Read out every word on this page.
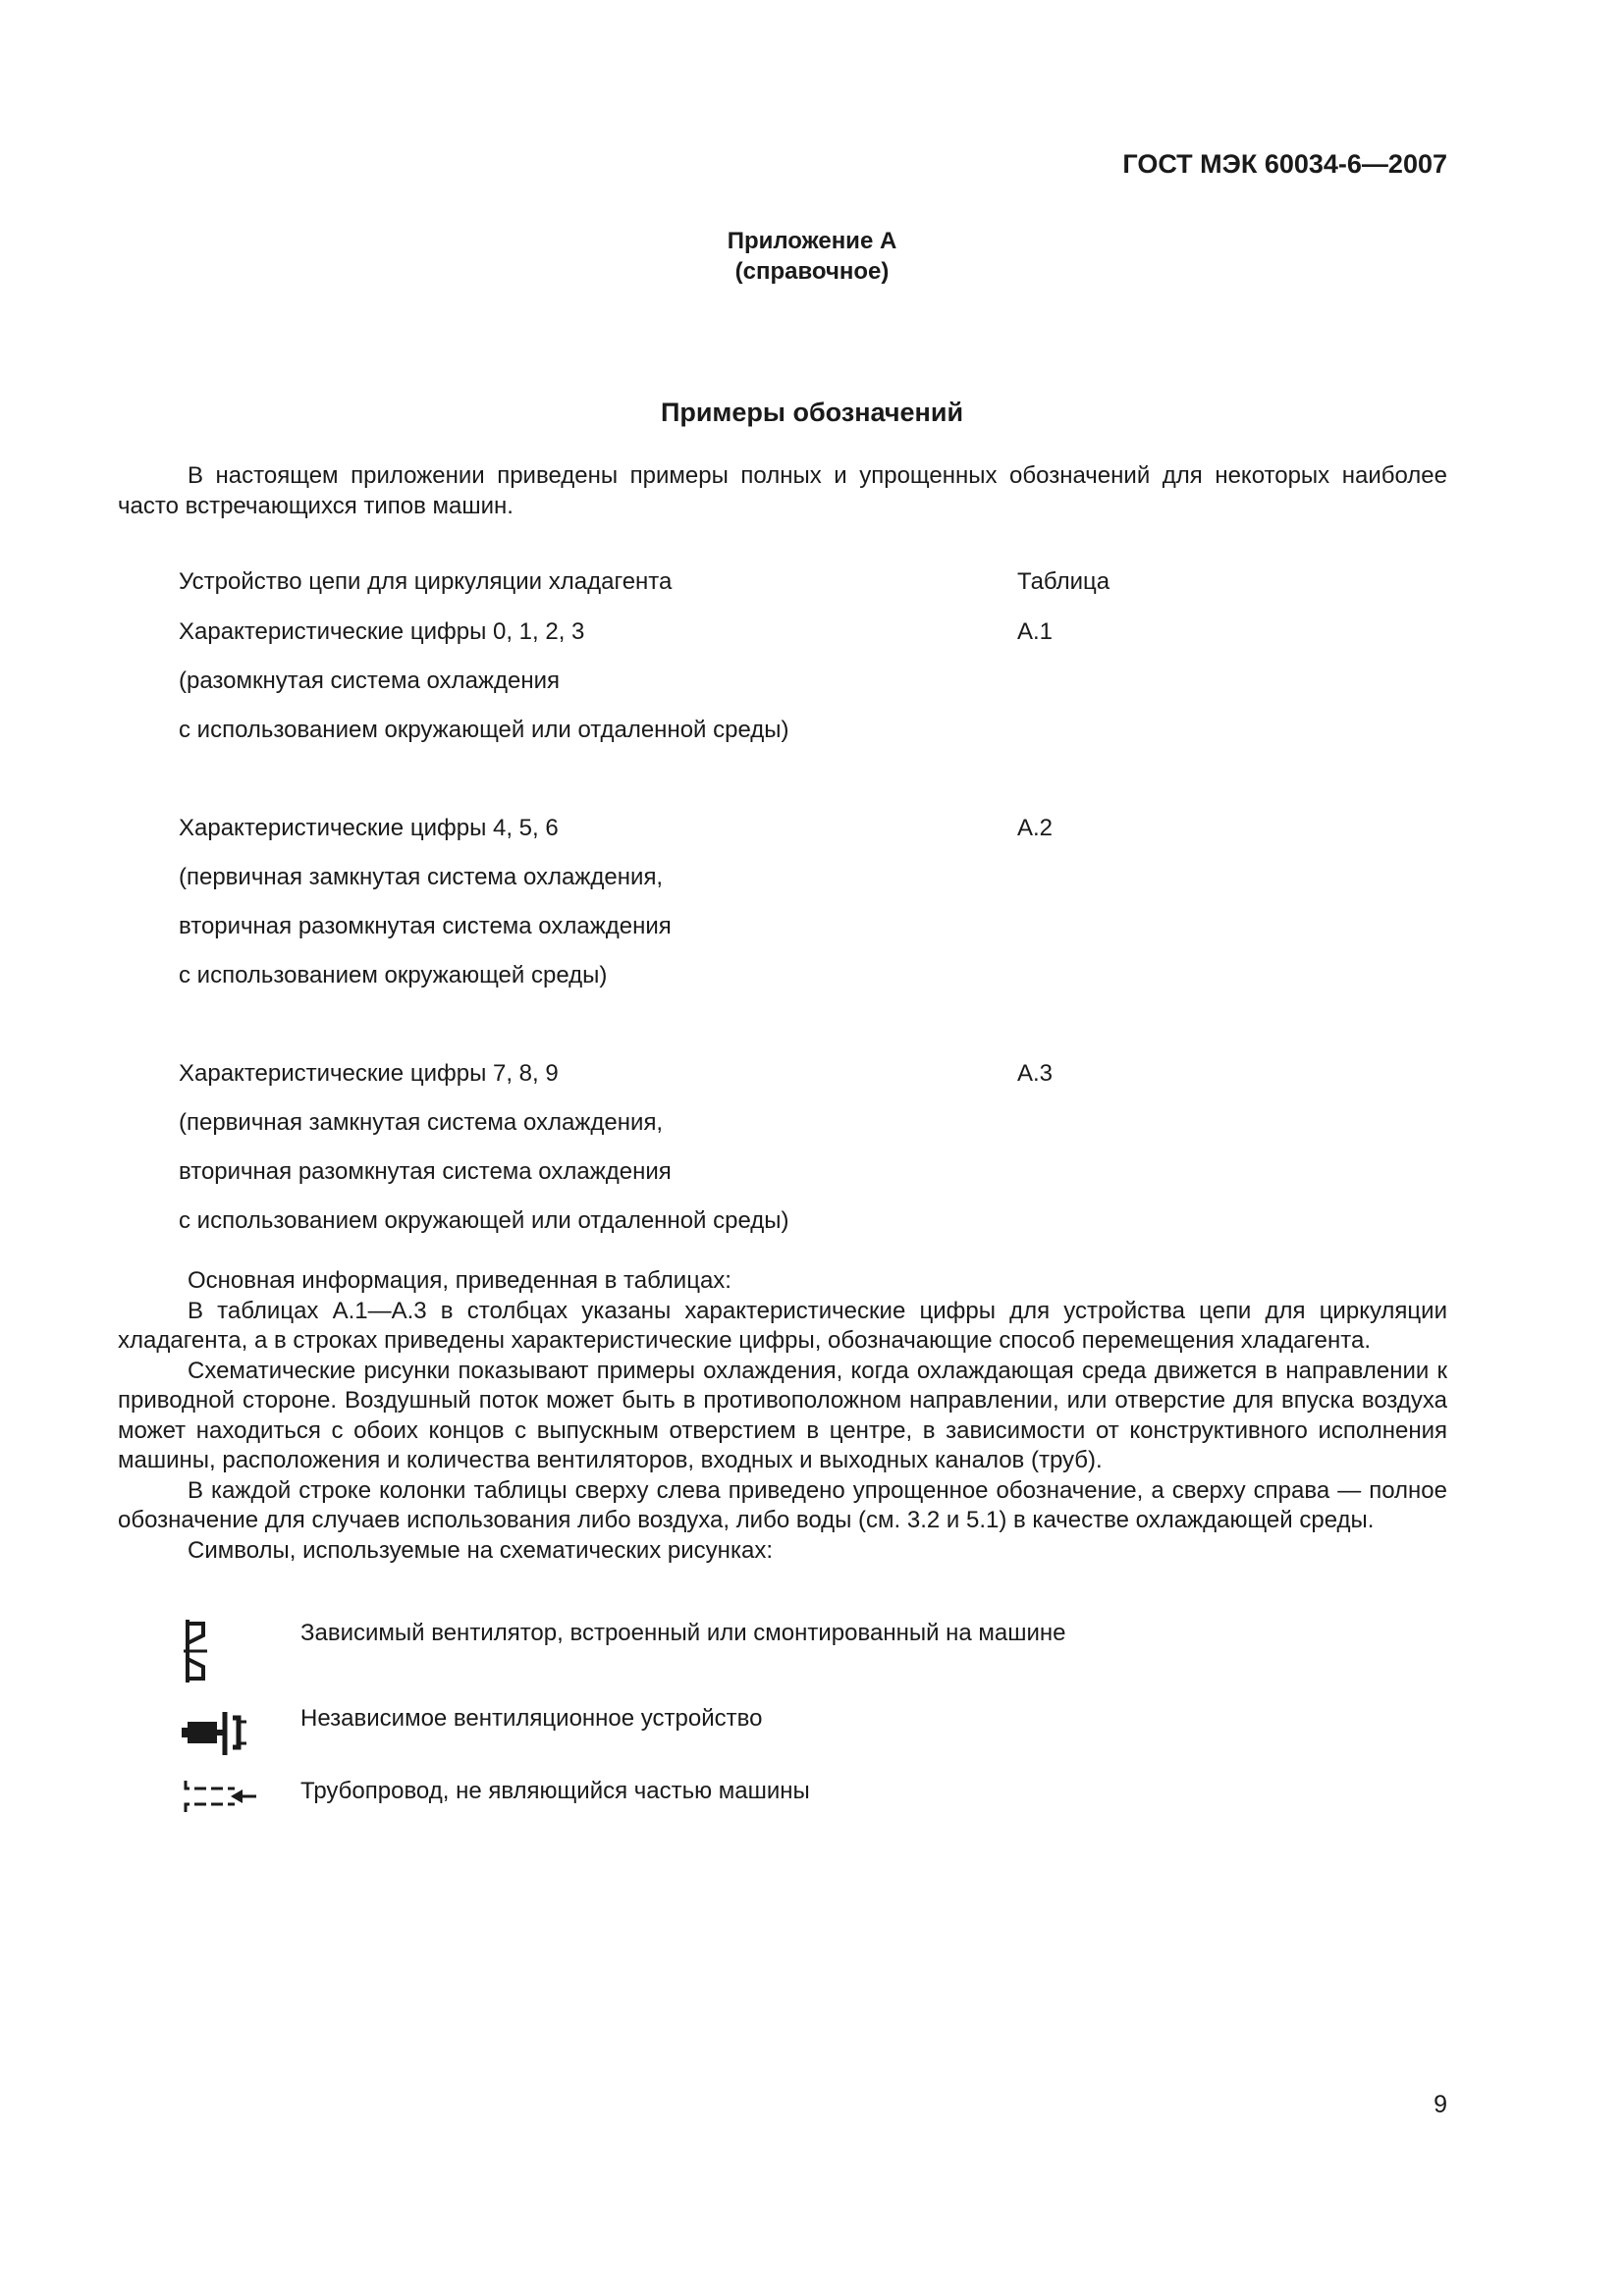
ГОСТ МЭК 60034-6—2007
Приложение А
(справочное)
Примеры обозначений

В настоящем приложении приведены примеры полных и упрощенных обозначений для некоторых наиболее часто встречающихся типов машин.

Устройство цепи для циркуляции хладагента	Таблица
Характеристические цифры 0, 1, 2, 3	А.1
(разомкнутая система охлаждения
с использованием окружающей или отдаленной среды)
Характеристические цифры 4, 5, 6	А.2
(первичная замкнутая система охлаждения,
вторичная разомкнутая система охлаждения
с использованием окружающей среды)
Характеристические цифры 7, 8, 9	А.3
(первичная замкнутая система охлаждения,
вторичная разомкнутая система охлаждения
с использованием окружающей или отдаленной среды)

Основная информация, приведенная в таблицах:

В таблицах А.1—А.3 в столбцах указаны характеристические цифры для устройства цепи для циркуляции хладагента, а в строках приведены характеристические цифры, обозначающие способ перемещения хладагента.

Схематические рисунки показывают примеры охлаждения, когда охлаждающая среда движется в направлении к приводной стороне. Воздушный поток может быть в противоположном направлении, или отверстие для впуска воздуха может находиться с обоих концов с выпускным отверстием в центре, в зависимости от конструктивного исполнения машины, расположения и количества вентиляторов, входных и выходных каналов (труб).

В каждой строке колонки таблицы сверху слева приведено упрощенное обозначение, а сверху справа — полное обозначение для случаев использования либо воздуха, либо воды (см. 3.2 и 5.1) в качестве охлаждающей среды.

Символы, используемые на схематических рисунках:

Зависимый вентилятор, встроенный или смонтированный на машине
Независимое вентиляционное устройство
Трубопровод, не являющийся частью машины
9
